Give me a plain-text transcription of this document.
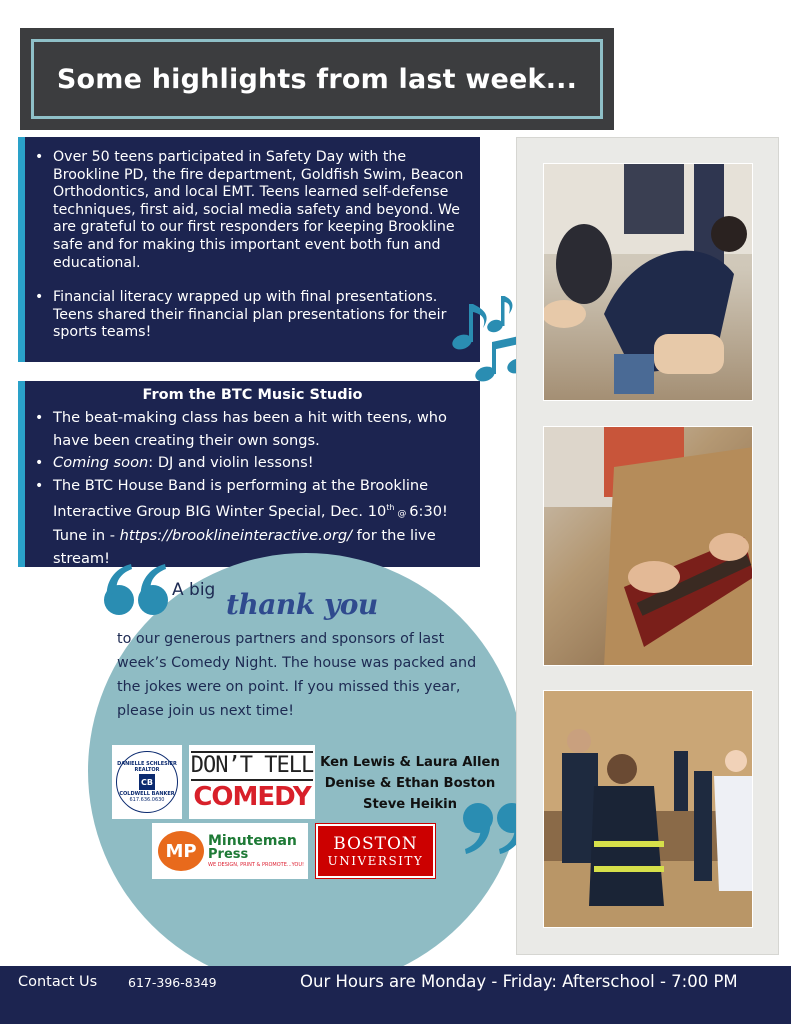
Some highlights from last week...
• Over 50 teens participated in Safety Day with the Brookline PD, the fire department, Goldfish Swim, Beacon Orthodontics, and local EMT. Teens learned self-defense techniques, first aid, social media safety and beyond. We are grateful to our first responders for keeping Brookline safe and for making this important event both fun and educational.
• Financial literacy wrapped up with final presentations. Teens shared their financial plan presentations for their sports teams!
From the BTC Music Studio
• The beat-making class has been a hit with teens, who have been creating their own songs.
• Coming soon: DJ and violin lessons!
• The BTC House Band is performing at the Brookline Interactive Group BIG Winter Special, Dec. 10th @ 6:30! Tune in - https://brooklineinteractive.org/ for the live stream!
A big thank you
to our generous partners and sponsors of last week’s Comedy Night. The house was packed and the jokes were on point. If you missed this year, please join us next time!
DANIELLE SCHLESIER
REALTOR
CB
COLDWELL BANKER
617.636.0630
DON’T TELL
COMEDY
Ken Lewis & Laura Allen
Denise & Ethan Boston
Steve Heikin
MP Minuteman
Press
WE DESIGN, PRINT & PROMOTE...YOU!
BOSTON
UNIVERSITY
Contact Us 617-396-8349	Our Hours are Monday - Friday: Afterschool - 7:00 PM
